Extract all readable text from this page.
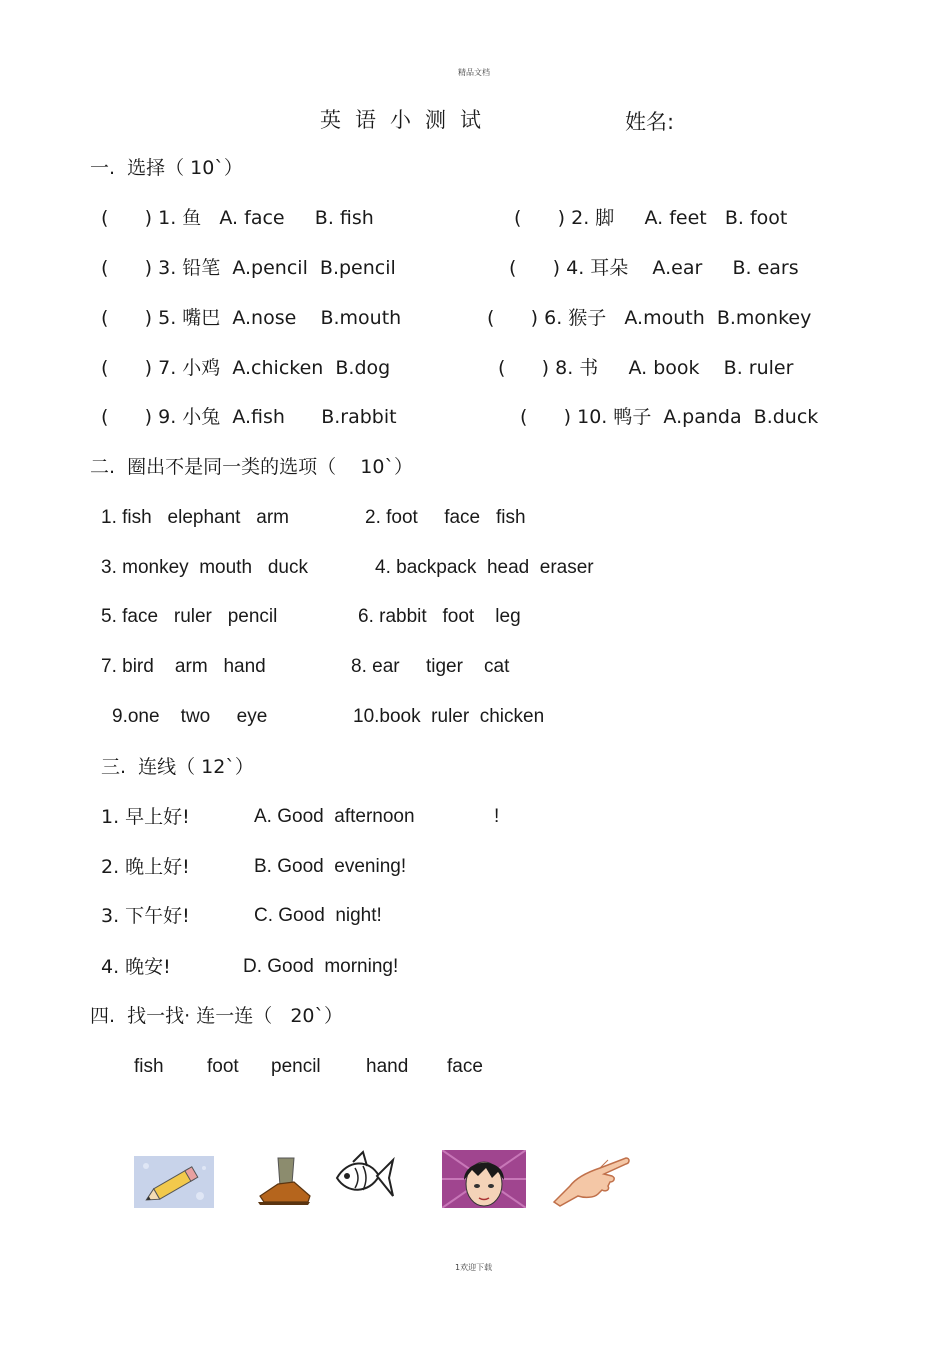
精品文档
1欢迎下载
英语小测试	姓名:
一.  选择（ 10`）
(      ) 1. 鱼   A. face     B. fish	(      ) 2. 脚     A. feet   B. foot
(      ) 3. 铅笔  A.pencil  B.pencil	(      ) 4. 耳朵    A.ear     B. ears
(      ) 5. 嘴巴  A.nose    B.mouth	(      ) 6. 猴子   A.mouth  B.monkey
(      ) 7. 小鸡  A.chicken  B.dog	(      ) 8. 书     A. book    B. ruler
(      ) 9. 小兔  A.fish      B.rabbit	(      ) 10. 鸭子  A.panda  B.duck
二.  圈出不是同一类的选项（    10`）
1. fish   elephant   arm	2. foot     face   fish
3. monkey  mouth   duck	4. backpack  head  eraser
5. face   ruler   pencil	6. rabbit   foot    leg
7. bird    arm   hand	8. ear     tiger    cat
9.one    two     eye	10.book  ruler  chicken
三.  连线（ 12`）
1. 早上好!	A. Good  afternoon	!
2. 晚上好!	B. Good  evening!
3. 下午好!	C. Good  night!
4. 晚安!	D. Good  morning!
四.  找一找· 连一连（   20`）
fish foot pencil hand face
